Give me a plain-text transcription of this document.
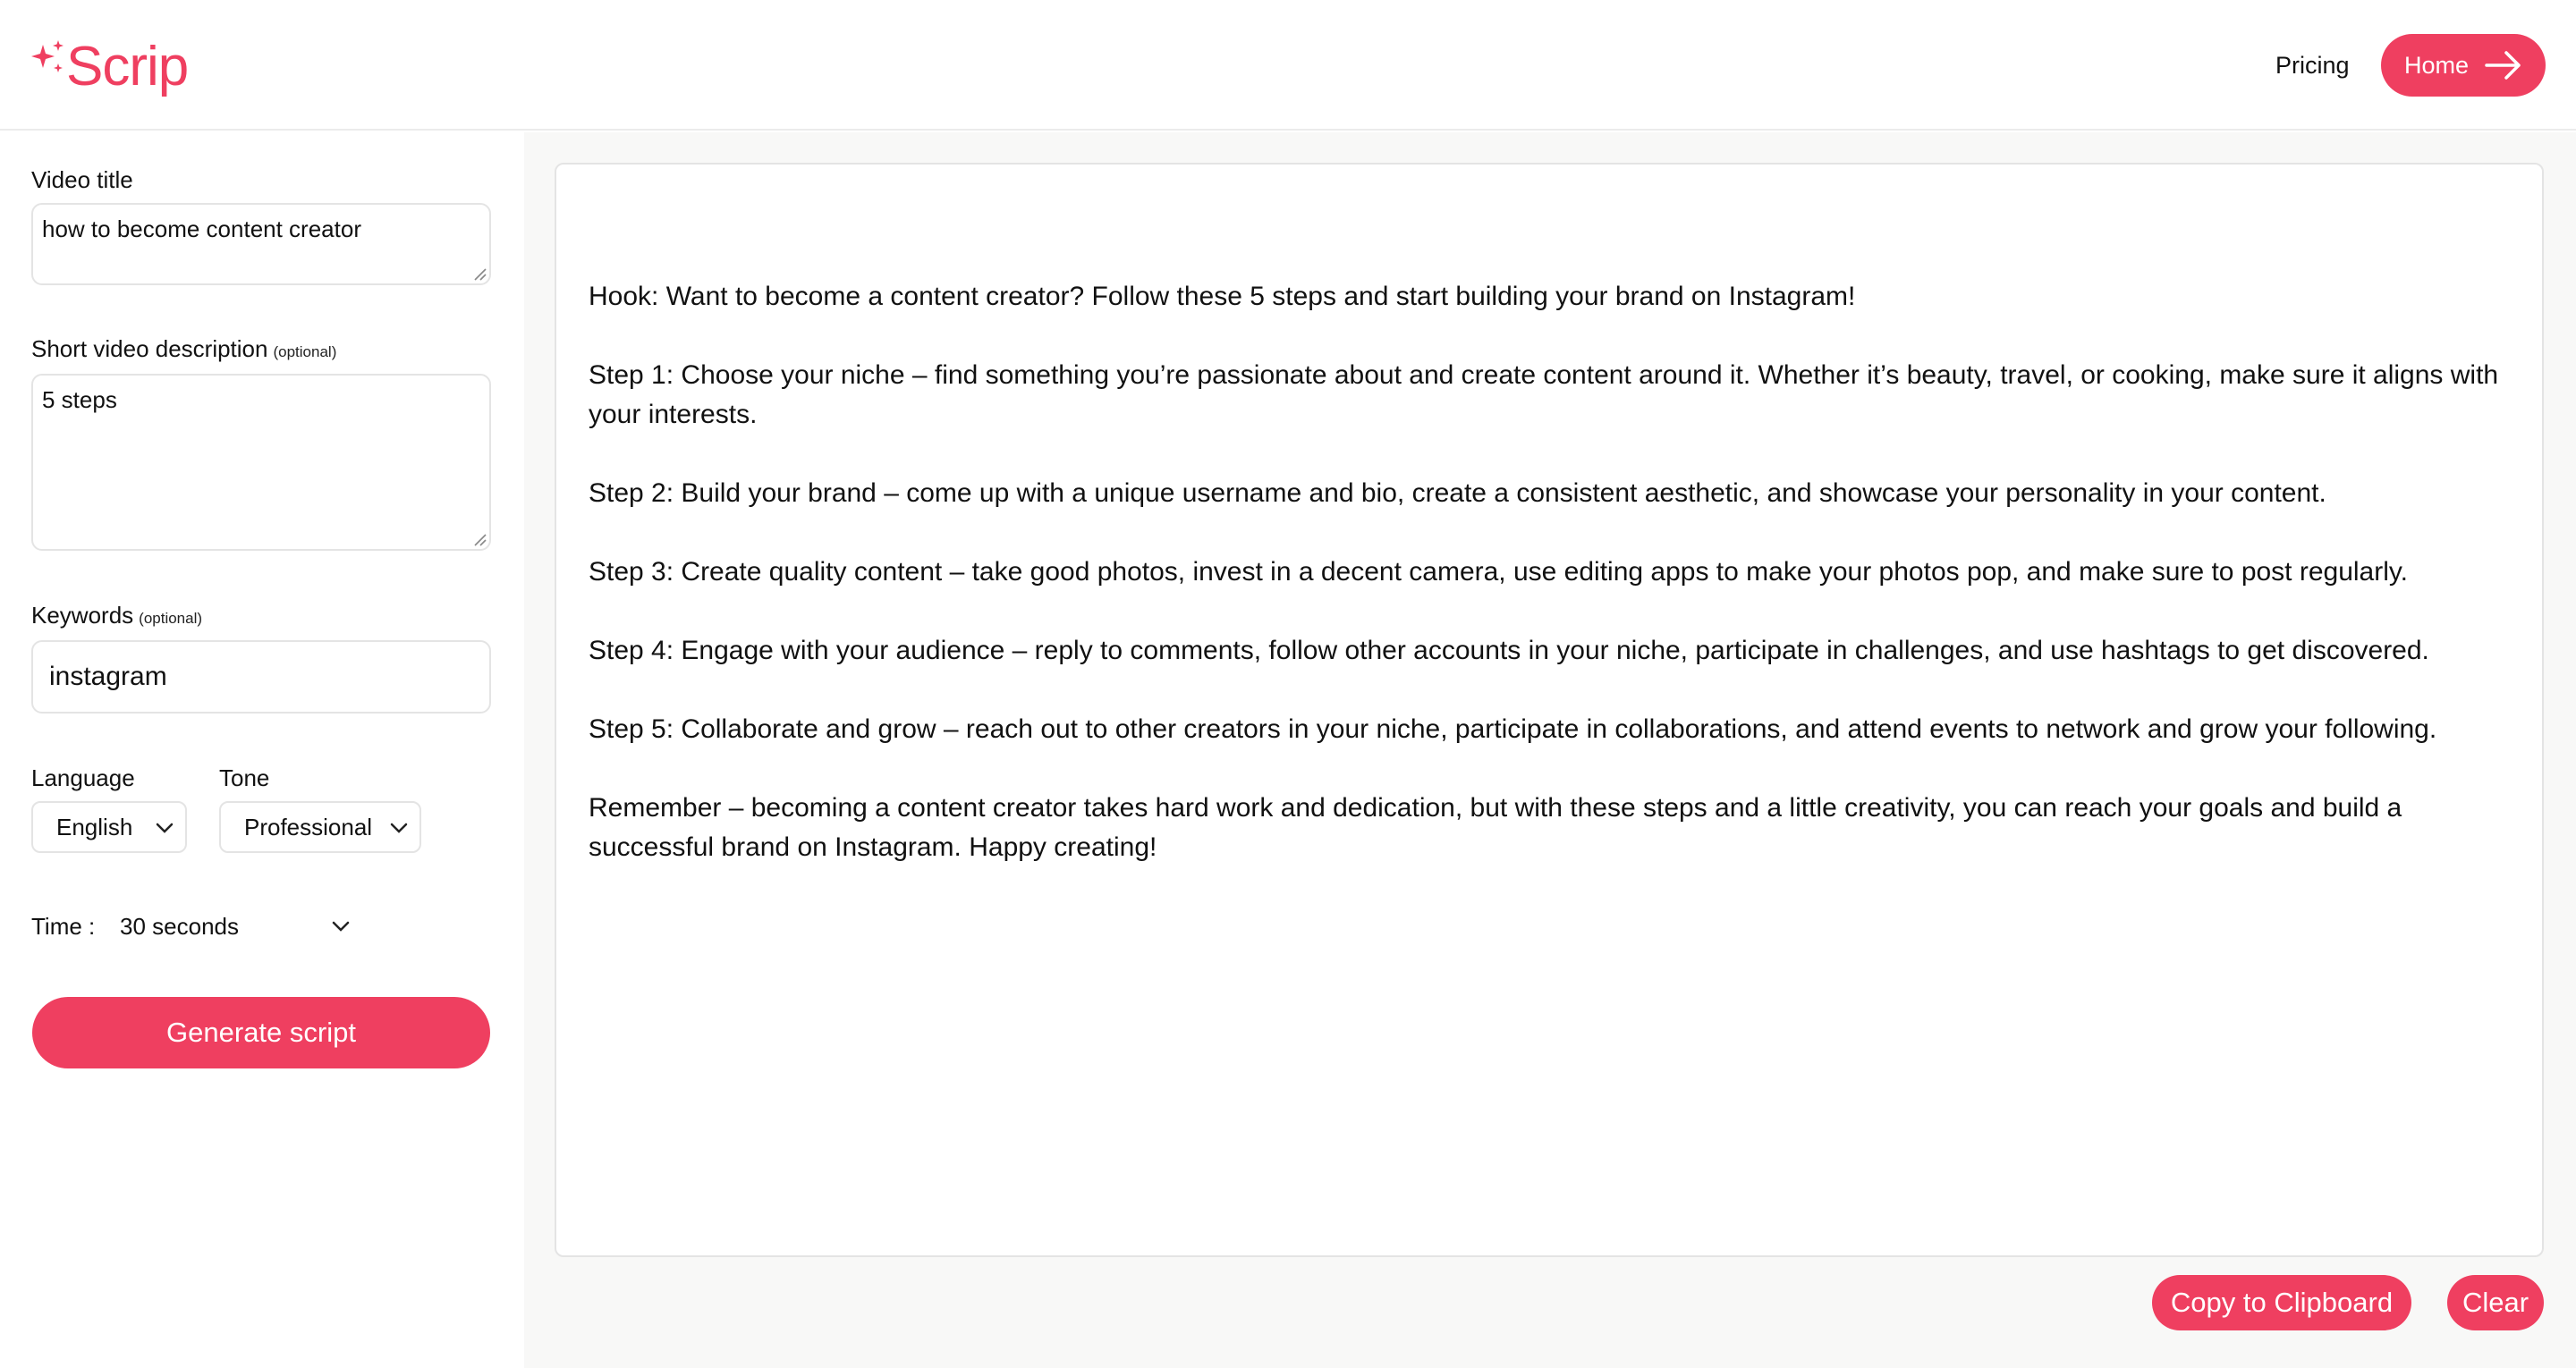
Scrip	Pricing Home
Video title
how to become content creator
Short video description (optional)
5 steps
Keywords (optional)
instagram
Language
English
Tone
Professional
Time : 30 seconds
Generate script

Hook: Want to become a content creator? Follow these 5 steps and start building your brand on Instagram!

Step 1: Choose your niche – find something you’re passionate about and create content around it. Whether it’s beauty, travel, or cooking, make sure it aligns with your interests.

Step 2: Build your brand – come up with a unique username and bio, create a consistent aesthetic, and showcase your personality in your content.

Step 3: Create quality content – take good photos, invest in a decent camera, use editing apps to make your photos pop, and make sure to post regularly.

Step 4: Engage with your audience – reply to comments, follow other accounts in your niche, participate in challenges, and use hashtags to get discovered.

Step 5: Collaborate and grow – reach out to other creators in your niche, participate in collaborations, and attend events to network and grow your following.

Remember – becoming a content creator takes hard work and dedication, but with these steps and a little creativity, you can reach your goals and build a successful brand on Instagram. Happy creating!

Copy to Clipboard	Clear
